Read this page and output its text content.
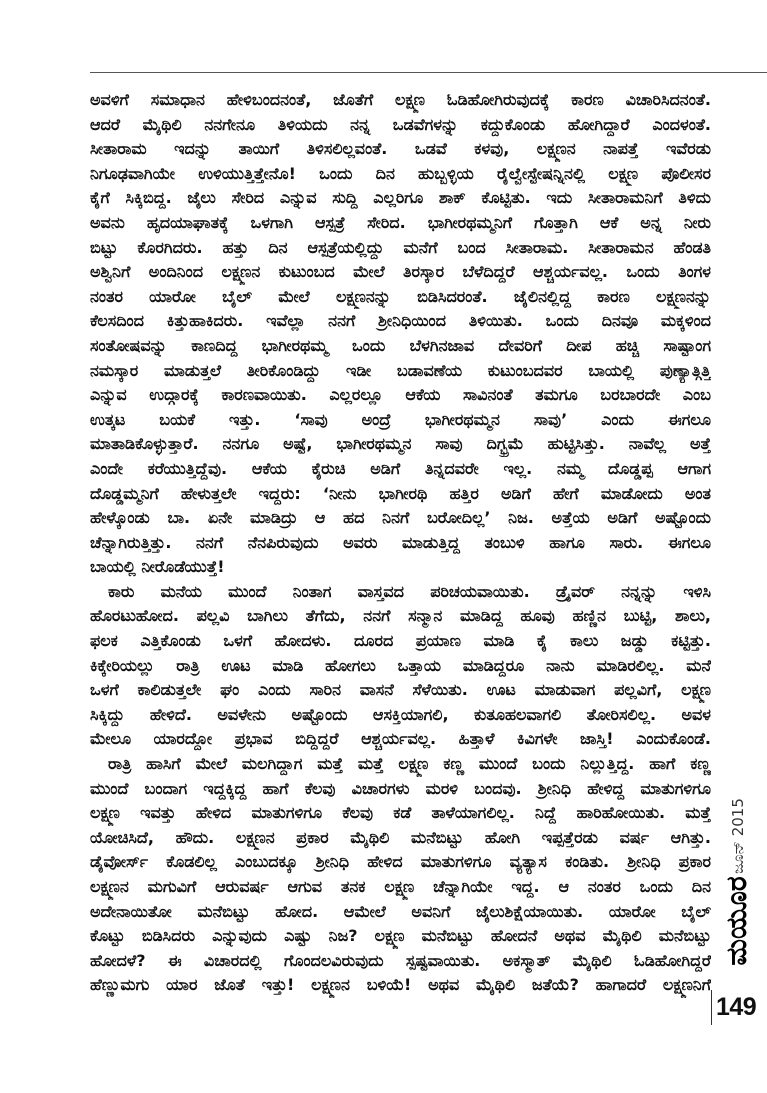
ಅವಳಿಗೆ ಸಮಾಧಾನ ಹೇಳಿಬಂದನಂತೆ, ಜೊತೆಗೆ ಲಕ್ಷ್ಮಣ ಓಡಿಹೋಗಿರುವುದಕ್ಕೆ ಕಾರಣ ವಿಚಾರಿಸಿದನಂತೆ.
ಆದರೆ ಮೈಥಿಲಿ ನನಗೇನೂ ತಿಳಿಯದು ನನ್ನ ಒಡವೆಗಳನ್ನು ಕದ್ದುಕೊಂಡು ಹೋಗಿದ್ದಾರೆ ಎಂದಳಂತೆ.
ಸೀತಾರಾಮ ಇದನ್ನು ತಾಯಿಗೆ ತಿಳಿಸಲಿಲ್ಲವಂತೆ. ಒಡವೆ ಕಳವು, ಲಕ್ಷ್ಮಣನ ನಾಪತ್ತೆ ಇವೆರಡು
ನಿಗೂಢವಾಗಿಯೇ ಉಳಿಯುತ್ತಿತ್ತೇನೊ! ಒಂದು ದಿನ ಹುಬ್ಬಳ್ಳಿಯ ರೈಲ್ವೇಸ್ಟೇಷನ್ನಿನಲ್ಲಿ ಲಕ್ಷ್ಮಣ ಪೊಲೀಸರ
ಕೈಗೆ ಸಿಕ್ಕಿಬಿದ್ದ. ಜೈಲು ಸೇರಿದ ಎನ್ನುವ ಸುದ್ದಿ ಎಲ್ಲರಿಗೂ ಶಾಕ್ ಕೊಟ್ಟಿತು. ಇದು ಸೀತಾರಾಮನಿಗೆ ತಿಳಿದು
ಅವನು ಹೃದಯಾಘಾತಕ್ಕೆ ಒಳಗಾಗಿ ಆಸ್ಪತ್ರೆ ಸೇರಿದ. ಭಾಗೀರಥಮ್ಮನಿಗೆ ಗೊತ್ತಾಗಿ ಆಕೆ ಅನ್ನ ನೀರು
ಬಿಟ್ಟು ಕೊರಗಿದರು. ಹತ್ತು ದಿನ ಆಸ್ಪತ್ರೆಯಲ್ಲಿದ್ದು ಮನೆಗೆ ಬಂದ ಸೀತಾರಾಮ. ಸೀತಾರಾಮನ ಹೆಂಡತಿ
ಅಶ್ವಿನಿಗೆ ಅಂದಿನಿಂದ ಲಕ್ಷ್ಮಣನ ಕುಟುಂಬದ ಮೇಲೆ ತಿರಸ್ಕಾರ ಬೆಳೆದಿದ್ದರೆ ಆಶ್ಚರ್ಯವಲ್ಲ. ಒಂದು ತಿಂಗಳ
ನಂತರ ಯಾರೋ ಬೈಲ್ ಮೇಲೆ ಲಕ್ಷ್ಮಣನನ್ನು ಬಿಡಿಸಿದರಂತೆ. ಜೈಲಿನಲ್ಲಿದ್ದ ಕಾರಣ ಲಕ್ಷ್ಮಣನನ್ನು
ಕೆಲಸದಿಂದ ಕಿತ್ತುಹಾಕಿದರು. ಇವೆಲ್ಲಾ ನನಗೆ ಶ್ರೀನಿಧಿಯಿಂದ ತಿಳಿಯಿತು. ಒಂದು ದಿನವೂ ಮಕ್ಕಳಿಂದ
ಸಂತೋಷವನ್ನು ಕಾಣದಿದ್ದ ಭಾಗೀರಥಮ್ಮ ಒಂದು ಬೆಳಗಿನಜಾವ ದೇವರಿಗೆ ದೀಪ ಹಚ್ಚಿ ಸಾಷ್ಟಾಂಗ
ನಮಸ್ಕಾರ ಮಾಡುತ್ತಲೆ ತೀರಿಕೊಂಡಿದ್ದು ಇಡೀ ಬಡಾವಣೆಯ ಕುಟುಂಬದವರ ಬಾಯಲ್ಲಿ ಪುಣ್ಯಾತ್ಗಿತ್ತಿ
ಎನ್ನುವ ಉದ್ಗಾರಕ್ಕೆ ಕಾರಣವಾಯಿತು. ಎಲ್ಲರಲ್ಲೂ ಆಕೆಯ ಸಾವಿನಂತೆ ತಮಗೂ ಬರಬಾರದೇ ಎಂಬ
ಉತ್ಕಟ ಬಯಕೆ ಇತ್ತು. ‘ಸಾವು ಅಂದ್ರೆ ಭಾಗೀರಥಮ್ಮನ ಸಾವು’ ಎಂದು ಈಗಲೂ
ಮಾತಾಡಿಕೊಳ್ಳುತ್ತಾರೆ. ನನಗೂ ಅಷ್ಟೆ, ಭಾಗೀರಥಮ್ಮನ ಸಾವು ದಿಗ್ಭ್ರಮೆ ಹುಟ್ಟಿಸಿತ್ತು. ನಾವೆಲ್ಲ ಅತ್ತೆ
ಎಂದೇ ಕರೆಯುತ್ತಿದ್ದೆವು. ಆಕೆಯ ಕೈರುಚಿ ಅಡಿಗೆ ತಿನ್ನದವರೇ ಇಲ್ಲ. ನಮ್ಮ ದೊಡ್ಡಪ್ಪ ಆಗಾಗ
ದೊಡ್ಡಮ್ಮನಿಗೆ ಹೇಳುತ್ತಲೇ ಇದ್ದರು: ‘ನೀನು ಭಾಗೀರಥಿ ಹತ್ತಿರ ಅಡಿಗೆ ಹೇಗೆ ಮಾಡೋದು ಅಂತ
ಹೇಳ್ಕೊಂಡು ಬಾ. ಏನೇ ಮಾಡಿದ್ರು ಆ ಹದ ನಿನಗೆ ಬರೋದಿಲ್ಲ’ ನಿಜ. ಅತ್ತೆಯ ಅಡಿಗೆ ಅಷ್ಟೊಂದು
ಚೆನ್ನಾಗಿರುತ್ತಿತ್ತು. ನನಗೆ ನೆನಪಿರುವುದು ಅವರು ಮಾಡುತ್ತಿದ್ದ ತಂಬುಳಿ ಹಾಗೂ ಸಾರು. ಈಗಲೂ
ಬಾಯಲ್ಲಿ ನೀರೊಡೆಯುತ್ತೆ!
ಕಾರು ಮನೆಯ ಮುಂದೆ ನಿಂತಾಗ ವಾಸ್ತವದ ಪರಿಚಯವಾಯಿತು. ಡ್ರೈವರ್ ನನ್ನನ್ನು ಇಳಿಸಿ
ಹೊರಟುಹೋದ. ಪಲ್ಲವಿ ಬಾಗಿಲು ತೆಗೆದು, ನನಗೆ ಸನ್ಮಾನ ಮಾಡಿದ್ದ ಹೂವು ಹಣ್ಣಿನ ಬುಟ್ಟಿ, ಶಾಲು,
ಫಲಕ ಎತ್ತಿಕೊಂಡು ಒಳಗೆ ಹೋದಳು. ದೂರದ ಪ್ರಯಾಣ ಮಾಡಿ ಕೈ ಕಾಲು ಜಡ್ಡು ಕಟ್ಟಿತ್ತು.
ಕಿಕ್ಕೇರಿಯಲ್ಲು ರಾತ್ರಿ ಊಟ ಮಾಡಿ ಹೋಗಲು ಒತ್ತಾಯ ಮಾಡಿದ್ದರೂ ನಾನು ಮಾಡಿರಲಿಲ್ಲ. ಮನೆ
ಒಳಗೆ ಕಾಲಿಡುತ್ತಲೇ ಘಂ ಎಂದು ಸಾರಿನ ವಾಸನೆ ಸೆಳೆಯಿತು. ಊಟ ಮಾಡುವಾಗ ಪಲ್ಲವಿಗೆ, ಲಕ್ಷ್ಮಣ
ಸಿಕ್ಕಿದ್ದು ಹೇಳಿದೆ. ಅವಳೇನು ಅಷ್ಟೊಂದು ಆಸಕ್ತಿಯಾಗಲಿ, ಕುತೂಹಲವಾಗಲಿ ತೋರಿಸಲಿಲ್ಲ. ಅವಳ
ಮೇಲೂ ಯಾರದ್ದೋ ಪ್ರಭಾವ ಬಿದ್ದಿದ್ದರೆ ಆಶ್ಚರ್ಯವಲ್ಲ. ಹಿತ್ತಾಳೆ ಕಿವಿಗಳೇ ಜಾಸ್ತಿ! ಎಂದುಕೊಂಡೆ.
ರಾತ್ರಿ ಹಾಸಿಗೆ ಮೇಲೆ ಮಲಗಿದ್ದಾಗ ಮತ್ತೆ ಮತ್ತೆ ಲಕ್ಷ್ಮಣ ಕಣ್ಣ ಮುಂದೆ ಬಂದು ನಿಲ್ಲುತ್ತಿದ್ದ. ಹಾಗೆ ಕಣ್ಣ
ಮುಂದೆ ಬಂದಾಗ ಇದ್ದಕ್ಕಿದ್ದ ಹಾಗೆ ಕೆಲವು ವಿಚಾರಗಳು ಮರಳಿ ಬಂದವು. ಶ್ರೀನಿಧಿ ಹೇಳಿದ್ದ ಮಾತುಗಳಿಗೂ
ಲಕ್ಷ್ಮಣ ಇವತ್ತು ಹೇಳಿದ ಮಾತುಗಳಿಗೂ ಕೆಲವು ಕಡೆ ತಾಳೆಯಾಗಲಿಲ್ಲ. ನಿದ್ದೆ ಹಾರಿಹೋಯಿತು. ಮತ್ತೆ
ಯೋಚಿಸಿದೆ, ಹೌದು. ಲಕ್ಷ್ಮಣನ ಪ್ರಕಾರ ಮೈಥಿಲಿ ಮನೆಬಿಟ್ಟು ಹೋಗಿ ಇಪ್ಪತ್ತೆರಡು ವರ್ಷ ಆಗಿತ್ತು.
ಡೈವೋರ್ಸ್ ಕೊಡಲಿಲ್ಲ ಎಂಬುದಕ್ಕೂ ಶ್ರೀನಿಧಿ ಹೇಳಿದ ಮಾತುಗಳಿಗೂ ವ್ಯತ್ಯಾಸ ಕಂಡಿತು. ಶ್ರೀನಿಧಿ ಪ್ರಕಾರ
ಲಕ್ಷ್ಮಣನ ಮಗುವಿಗೆ ಆರುವರ್ಷ ಆಗುವ ತನಕ ಲಕ್ಷ್ಮಣ ಚೆನ್ನಾಗಿಯೇ ಇದ್ದ. ಆ ನಂತರ ಒಂದು ದಿನ
ಅದೇನಾಯಿತೋ ಮನೆಬಿಟ್ಟು ಹೋದ. ಆಮೇಲೆ ಅವನಿಗೆ ಜೈಲುಶಿಕ್ಷೆಯಾಯಿತು. ಯಾರೋ ಬೈಲ್
ಕೊಟ್ಟು ಬಿಡಿಸಿದರು ಎನ್ನುವುದು ಎಷ್ಟು ನಿಜ? ಲಕ್ಷ್ಮಣ ಮನೆಬಿಟ್ಟು ಹೋದನೆ ಅಥವ ಮೈಥಿಲಿ ಮನೆಬಿಟ್ಟು
ಹೋದಳೆ? ಈ ವಿಚಾರದಲ್ಲಿ ಗೊಂದಲವಿರುವುದು ಸ್ಪಷ್ಟವಾಯಿತು. ಅಕಸ್ಮಾತ್ ಮೈಥಿಲಿ ಓಡಿಹೋಗಿದ್ದರೆ
ಹೆಣ್ಣುಮಗು ಯಾರ ಜೊತೆ ಇತ್ತು! ಲಕ್ಷ್ಮಣನ ಬಳಿಯೆ! ಅಥವ ಮೈಥಿಲಿ ಜತೆಯೆ? ಹಾಗಾದರೆ ಲಕ್ಷ್ಮಣನಿಗೆ
ಜೂನ್ 2015
ಮಯೂರ
149
